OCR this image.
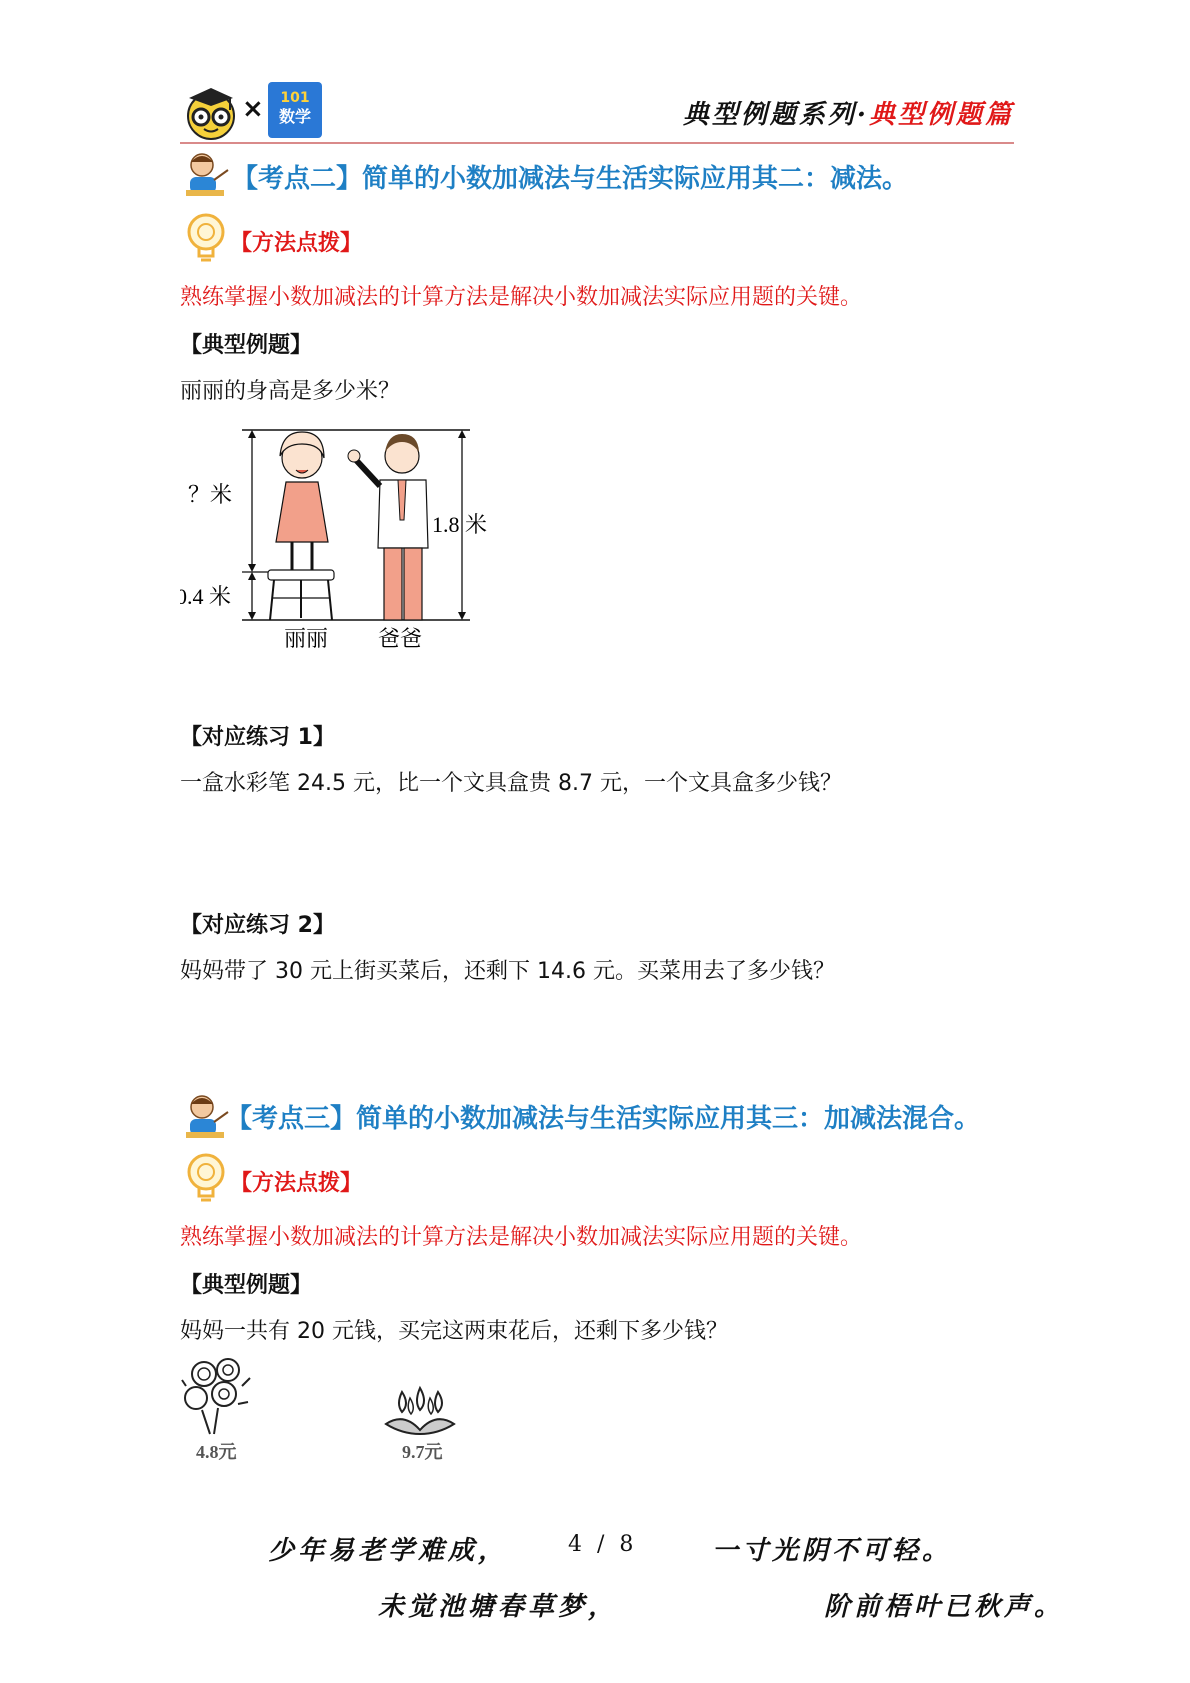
×	101
数学	典型例题系列·典型例题篇
【考点二】简单的小数加减法与生活实际应用其二：减法。
【方法点拨】
熟练掌握小数加减法的计算方法是解决小数加减法实际应用题的关键。
【典型例题】
丽丽的身高是多少米？
？米
1.8 米
0.4 米
丽丽 爸爸
【对应练习 1】
一盒水彩笔 24.5 元，比一个文具盒贵 8.7 元，一个文具盒多少钱？
【对应练习 2】
妈妈带了 30 元上街买菜后，还剩下 14.6 元。买菜用去了多少钱？
【考点三】简单的小数加减法与生活实际应用其三：加减法混合。
【方法点拨】
熟练掌握小数加减法的计算方法是解决小数加减法实际应用题的关键。
【典型例题】
妈妈一共有 20 元钱，买完这两束花后，还剩下多少钱？
4.8元	9.7元
少年易老学难成，	4 / 8	一寸光阴不可轻。
未觉池塘春草梦，	阶前梧叶已秋声。
